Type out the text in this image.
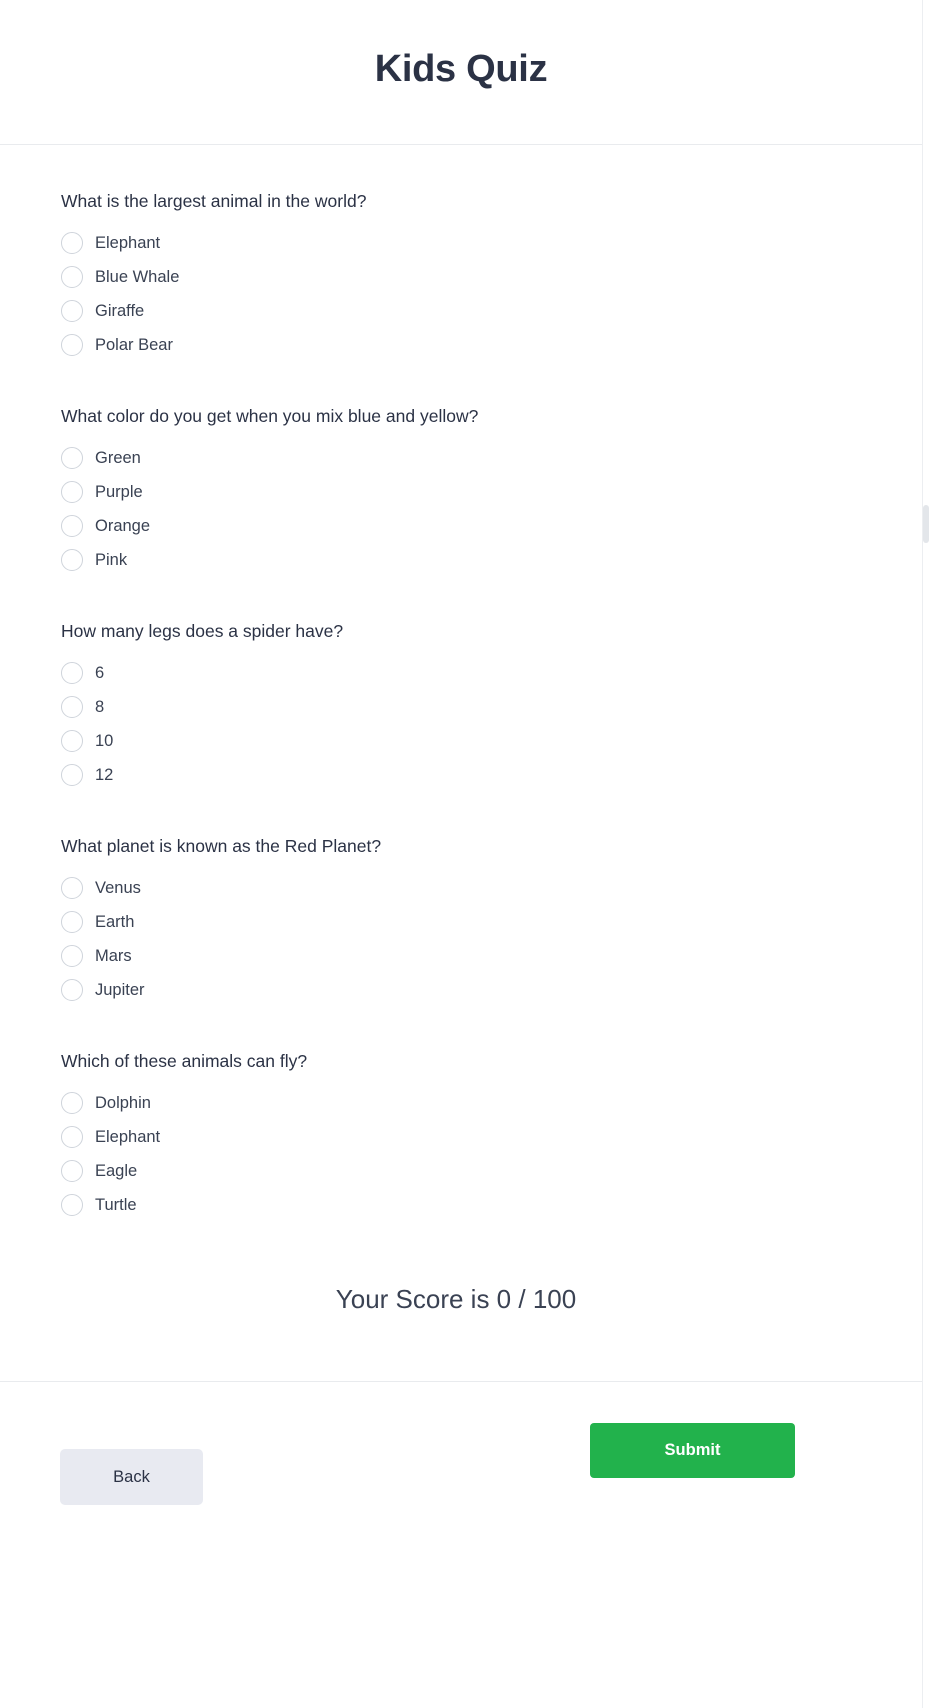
Kids Quiz

What is the largest animal in the world?

Elephant
Blue Whale
Giraffe
Polar Bear

What color do you get when you mix blue and yellow?

Green
Purple
Orange
Pink

How many legs does a spider have?

6
8
10
12

What planet is known as the Red Planet?

Venus
Earth
Mars
Jupiter

Which of these animals can fly?

Dolphin
Elephant
Eagle
Turtle
Your Score is 0 / 100
Back
Submit
